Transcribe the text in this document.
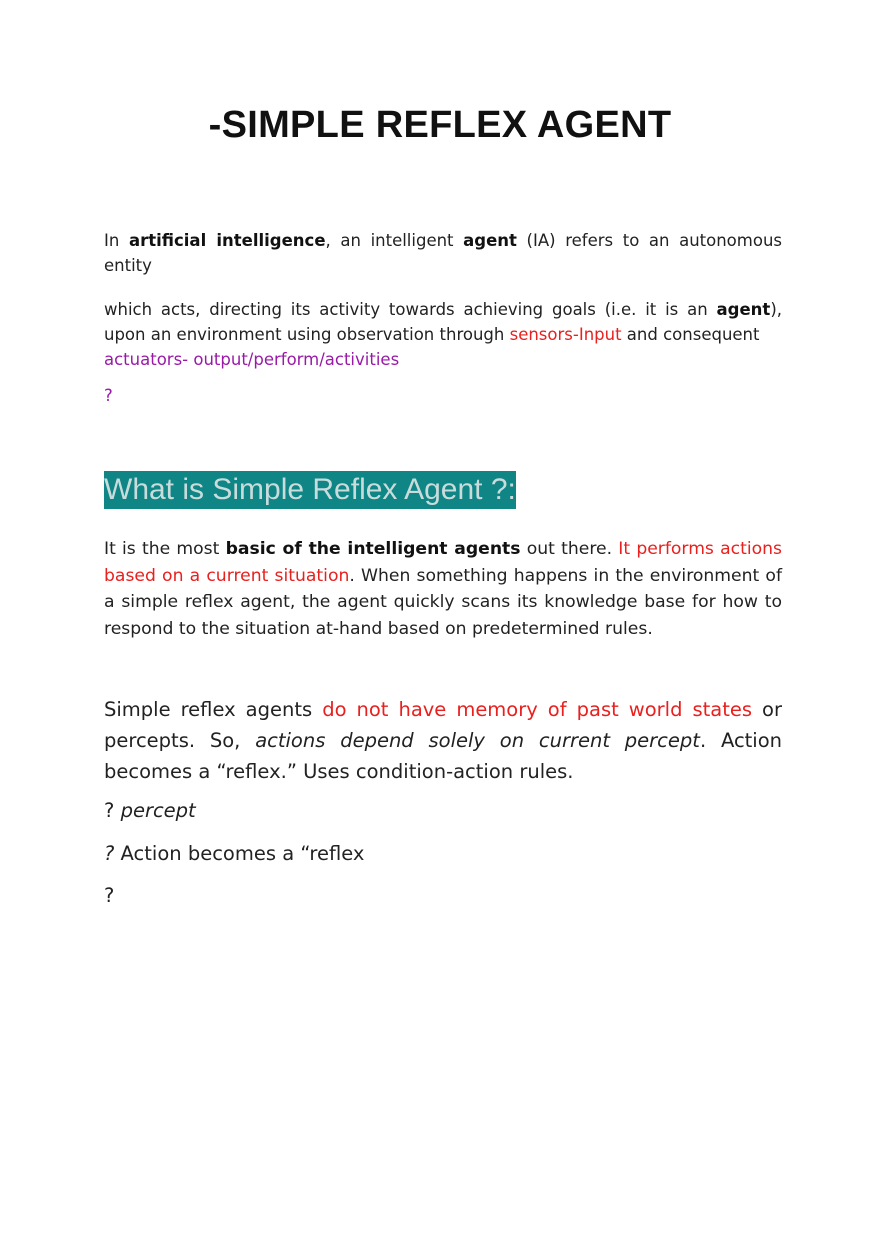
-SIMPLE REFLEX AGENT

In artificial intelligence, an intelligent agent (IA) refers to an autonomous entity

which acts, directing its activity towards achieving goals (i.e. it is an agent), upon an environment using observation through sensors-Input and consequent
actuators- output/perform/activities

?

What is Simple Reflex Agent ?:

It is the most basic of the intelligent agents out there. It performs actions based on a current situation. When something happens in the environment of a simple reflex agent, the agent quickly scans its knowledge base for how to respond to the situation at-hand based on predetermined rules.

Simple reflex agents do not have memory of past world states or percepts. So, actions depend solely on current percept. Action becomes a “reflex.” Uses condition-action rules.

? percept

? Action becomes a “reflex

?
